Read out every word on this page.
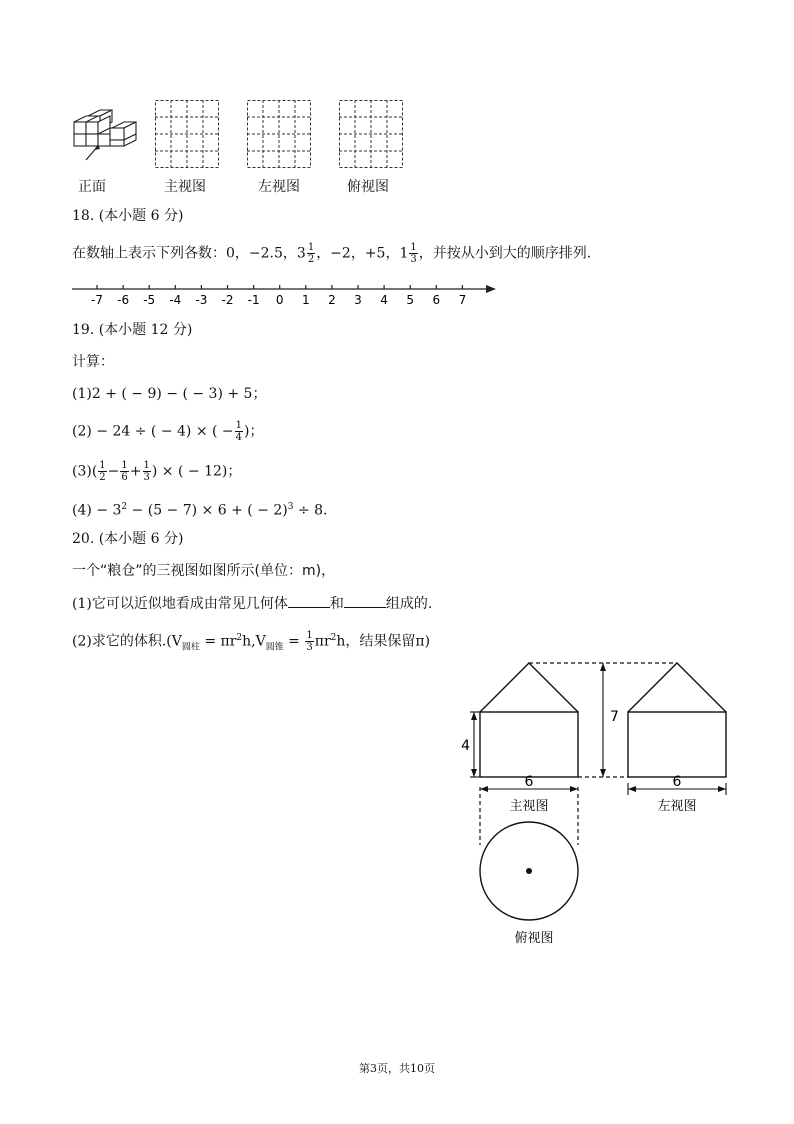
正面	主视图	左视图	俯视图
18. (本小题 6 分)
在数轴上表示下列各数：0，−2.5，$3 \frac{1}{2}$ ，−2，+5，$1 \frac{1}{3}$ ，并按从小到大的顺序排列.
-7 -6 -5 -4 -3 -2 -1 0 1 2 3 4 5 6 7
19. (本小题 12 分)
计算：
(1)2 + ( − 9) − ( − 3) + 5；
(2) − 24 ÷ ( − 4) × ( − $\frac{1}{4}$ )；
$(3)( \frac{1}{2} - \frac{1}{6} + \frac{1}{3}$ ) × ( − 12)；
$(4) - 3^2 - (5 - 7) \times 6$ + ( − 2)$^3$ ÷ 8.
20. (本小题 6 分)
一个“粮仓”的三视图如图所示(单位：m)，
(1)它可以近似地看成由常见几何体	和	组成的.
(2)求它的体积$.(V_{圆柱} = \pi r^2h,V_{圆锥} = \frac{1}{3} \pi r^2h$，结果保留π)
6	6
4
7
主视图	左视图
俯视图
第3页，共10页
